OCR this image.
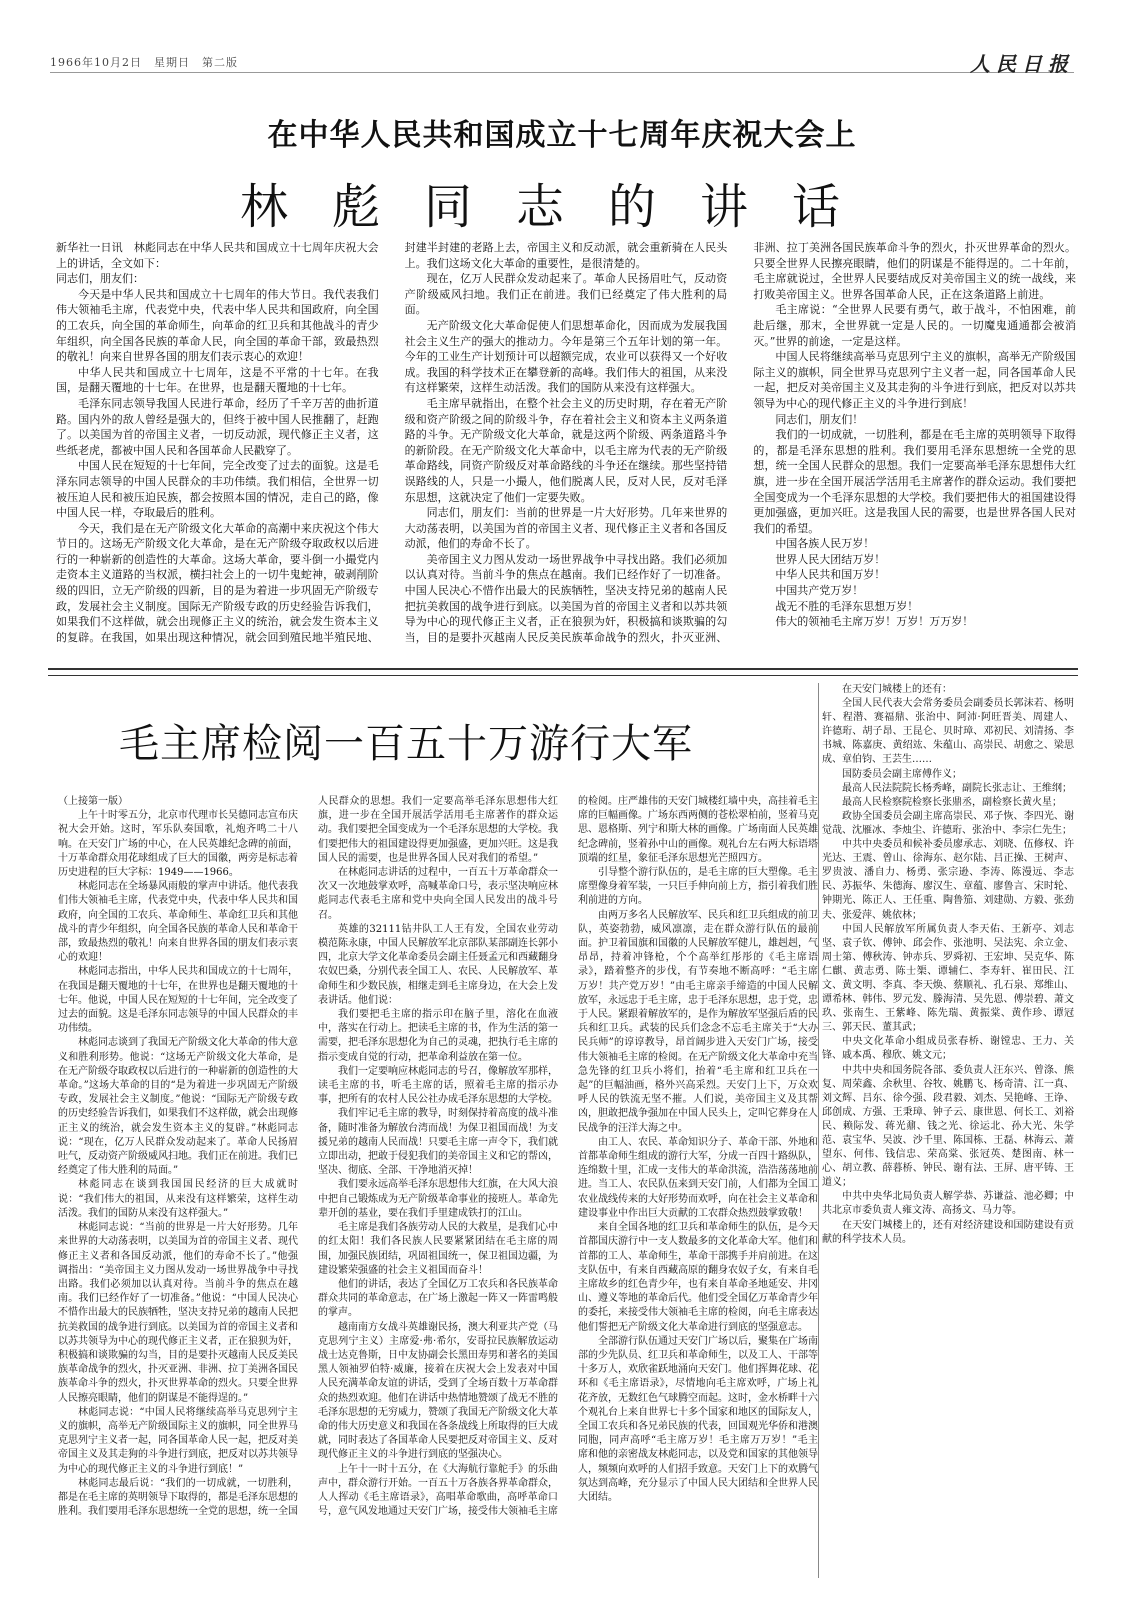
1966年10月2日　星期日　第二版	人民日报
在中华人民共和国成立十七周年庆祝大会上
林彪同志的讲话

新华社一日讯　林彪同志在中华人民共和国成立十七周年庆祝大会上的讲话，全文如下：

同志们，朋友们：

今天是中华人民共和国成立十七周年的伟大节日。我代表我们伟大领袖毛主席，代表党中央，代表中华人民共和国政府，向全国的工农兵，向全国的革命师生，向革命的红卫兵和其他战斗的青少年组织，向全国各民族的革命人民，向全国的革命干部，致最热烈的敬礼！向来自世界各国的朋友们表示衷心的欢迎！

中华人民共和国成立十七周年，这是不平常的十七年。在我国，是翻天覆地的十七年。在世界，也是翻天覆地的十七年。

毛泽东同志领导我国人民进行革命，经历了千辛万苦的曲折道路。国内外的敌人曾经是强大的，但终于被中国人民推翻了，赶跑了。以美国为首的帝国主义者，一切反动派，现代修正主义者，这些纸老虎，都被中国人民和各国革命人民戳穿了。

中国人民在短短的十七年间，完全改变了过去的面貌。这是毛泽东同志领导的中国人民群众的丰功伟绩。我们相信，全世界一切被压迫人民和被压迫民族，都会按照本国的情况，走自己的路，像中国人民一样，夺取最后的胜利。

今天，我们是在无产阶级文化大革命的高潮中来庆祝这个伟大节日的。这场无产阶级文化大革命，是在无产阶级夺取政权以后进行的一种崭新的创造性的大革命。这场大革命，要斗倒一小撮党内走资本主义道路的当权派，横扫社会上的一切牛鬼蛇神，破剥削阶级的四旧，立无产阶级的四新，目的是为着进一步巩固无产阶级专政，发展社会主义制度。国际无产阶级专政的历史经验告诉我们，如果我们不这样做，就会出现修正主义的统治，就会发生资本主义的复辟。在我国，如果出现这种情况，就会回到殖民地半殖民地、封建半封建的老路上去，帝国主义和反动派，就会重新骑在人民头上。我们这场文化大革命的重要性，是很清楚的。

现在，亿万人民群众发动起来了。革命人民扬眉吐气，反动资产阶级威风扫地。我们正在前进。我们已经奠定了伟大胜利的局面。

无产阶级文化大革命促使人们思想革命化，因而成为发展我国社会主义生产的强大的推动力。今年是第三个五年计划的第一年。今年的工业生产计划预计可以超额完成，农业可以获得又一个好收成。我国的科学技术正在攀登新的高峰。我们伟大的祖国，从来没有这样繁荣，这样生动活泼。我们的国防从来没有这样强大。

毛主席早就指出，在整个社会主义的历史时期，存在着无产阶级和资产阶级之间的阶级斗争，存在着社会主义和资本主义两条道路的斗争。无产阶级文化大革命，就是这两个阶级、两条道路斗争的新阶段。在无产阶级文化大革命中，以毛主席为代表的无产阶级革命路线，同资产阶级反对革命路线的斗争还在继续。那些坚持错误路线的人，只是一小撮人，他们脱离人民，反对人民，反对毛泽东思想，这就决定了他们一定要失败。

同志们，朋友们：当前的世界是一片大好形势。几年来世界的大动荡表明，以美国为首的帝国主义者、现代修正主义者和各国反动派，他们的寿命不长了。

美帝国主义力图从发动一场世界战争中寻找出路。我们必须加以认真对待。当前斗争的焦点在越南。我们已经作好了一切准备。中国人民决心不惜作出最大的民族牺牲，坚决支持兄弟的越南人民把抗美救国的战争进行到底。以美国为首的帝国主义者和以苏共领导为中心的现代修正主义者，正在狼狈为奸，积极搞和谈欺骗的勾当，目的是要扑灭越南人民反美民族革命战争的烈火，扑灭亚洲、非洲、拉丁美洲各国民族革命斗争的烈火，扑灭世界革命的烈火。只要全世界人民擦亮眼睛，他们的阴谋是不能得逞的。二十年前，毛主席就说过，全世界人民要结成反对美帝国主义的统一战线，来打败美帝国主义。世界各国革命人民，正在这条道路上前进。

毛主席说：“全世界人民要有勇气，敢于战斗，不怕困难，前赴后继，那末，全世界就一定是人民的。一切魔鬼通通都会被消灭。”世界的前途，一定是这样。

中国人民将继续高举马克思列宁主义的旗帜，高举无产阶级国际主义的旗帜，同全世界马克思列宁主义者一起，同各国革命人民一起，把反对美帝国主义及其走狗的斗争进行到底，把反对以苏共领导为中心的现代修正主义的斗争进行到底！

同志们，朋友们！

我们的一切成就，一切胜利，都是在毛主席的英明领导下取得的，都是毛泽东思想的胜利。我们要用毛泽东思想统一全党的思想，统一全国人民群众的思想。我们一定要高举毛泽东思想伟大红旗，进一步在全国开展活学活用毛主席著作的群众运动。我们要把全国变成为一个毛泽东思想的大学校。我们要把伟大的祖国建设得更加强盛，更加兴旺。这是我国人民的需要，也是世界各国人民对我们的希望。

中国各族人民万岁！

世界人民大团结万岁！

中华人民共和国万岁！

中国共产党万岁！

战无不胜的毛泽东思想万岁！

伟大的领袖毛主席万岁！万岁！万万岁！

毛主席检阅一百五十万游行大军

（上接第一版）

上午十时零五分，北京市代理市长吴德同志宣布庆祝大会开始。这时，军乐队奏国歌，礼炮齐鸣二十八响。在天安门广场的中心，在人民英雄纪念碑的前面，十万革命群众用花球组成了巨大的国徽，两旁是标志着历史进程的巨大字标：1949——1966。

林彪同志在全场暴风雨般的掌声中讲话。他代表我们伟大领袖毛主席，代表党中央，代表中华人民共和国政府，向全国的工农兵、革命师生、革命红卫兵和其他战斗的青少年组织，向全国各民族的革命人民和革命干部，致最热烈的敬礼！向来自世界各国的朋友们表示衷心的欢迎！

林彪同志指出，中华人民共和国成立的十七周年，在我国是翻天覆地的十七年，在世界也是翻天覆地的十七年。他说，中国人民在短短的十七年间，完全改变了过去的面貌。这是毛泽东同志领导的中国人民群众的丰功伟绩。

林彪同志谈到了我国无产阶级文化大革命的伟大意义和胜利形势。他说：“这场无产阶级文化大革命，是在无产阶级夺取政权以后进行的一种崭新的创造性的大革命。”这场大革命的目的“是为着进一步巩固无产阶级专政，发展社会主义制度。”他说：“国际无产阶级专政的历史经验告诉我们，如果我们不这样做，就会出现修正主义的统治，就会发生资本主义的复辟。”林彪同志说：“现在，亿万人民群众发动起来了。革命人民扬眉吐气，反动资产阶级威风扫地。我们正在前进。我们已经奠定了伟大胜利的局面。”

林彪同志在谈到我国国民经济的巨大成就时说：“我们伟大的祖国，从来没有这样繁荣，这样生动活泼。我们的国防从来没有这样强大。”

林彪同志说：“当前的世界是一片大好形势。几年来世界的大动荡表明，以美国为首的帝国主义者、现代修正主义者和各国反动派，他们的寿命不长了。”他强调指出：“美帝国主义力图从发动一场世界战争中寻找出路。我们必须加以认真对待。当前斗争的焦点在越南。我们已经作好了一切准备。”他说：“中国人民决心不惜作出最大的民族牺牲，坚决支持兄弟的越南人民把抗美救国的战争进行到底。以美国为首的帝国主义者和以苏共领导为中心的现代修正主义者，正在狼狈为奸，积极搞和谈欺骗的勾当，目的是要扑灭越南人民反美民族革命战争的烈火，扑灭亚洲、非洲、拉丁美洲各国民族革命斗争的烈火，扑灭世界革命的烈火。只要全世界人民擦亮眼睛，他们的阴谋是不能得逞的。”

林彪同志说：“中国人民将继续高举马克思列宁主义的旗帜，高举无产阶级国际主义的旗帜，同全世界马克思列宁主义者一起，同各国革命人民一起，把反对美帝国主义及其走狗的斗争进行到底，把反对以苏共领导为中心的现代修正主义的斗争进行到底！”

林彪同志最后说：“我们的一切成就，一切胜利，都是在毛主席的英明领导下取得的，都是毛泽东思想的胜利。我们要用毛泽东思想统一全党的思想，统一全国人民群众的思想。我们一定要高举毛泽东思想伟大红旗，进一步在全国开展活学活用毛主席著作的群众运动。我们要把全国变成为一个毛泽东思想的大学校。我们要把伟大的祖国建设得更加强盛，更加兴旺。这是我国人民的需要，也是世界各国人民对我们的希望。”

在林彪同志讲话的过程中，一百五十万革命群众一次又一次地鼓掌欢呼，高喊革命口号，表示坚决响应林彪同志代表毛主席和党中央向全国人民发出的战斗号召。

英雄的32111钻井队工人王有发，全国农业劳动模范陈永康，中国人民解放军北京部队某部副连长郭小四，北京大学文化革命委员会副主任聂孟元和西藏翻身农奴巴桑，分别代表全国工人、农民、人民解放军、革命师生和少数民族，相继走到毛主席身边，在大会上发表讲话。他们说：

我们要把毛主席的指示印在脑子里，溶化在血液中，落实在行动上。把读毛主席的书，作为生活的第一需要，把毛泽东思想化为自己的灵魂，把执行毛主席的指示变成自觉的行动，把革命利益放在第一位。

我们一定要响应林彪同志的号召，像解放军那样，读毛主席的书，听毛主席的话，照着毛主席的指示办事，把所有的农村人民公社办成毛泽东思想的大学校。

我们牢记毛主席的教导，时刻保持着高度的战斗准备，随时准备为解放台湾而战！为保卫祖国而战！为支援兄弟的越南人民而战！只要毛主席一声令下，我们就立即出动，把敢于侵犯我们的美帝国主义和它的帮凶，坚决、彻底、全部、干净地消灭掉！

我们要永远高举毛泽东思想伟大红旗，在大风大浪中把自己锻炼成为无产阶级革命事业的接班人。革命先辈开创的基业，要在我们手里建成铁打的江山。

毛主席是我们各族劳动人民的大救星，是我们心中的红太阳！我们各民族人民要紧紧团结在毛主席的周围，加强民族团结，巩固祖国统一，保卫祖国边疆，为建设繁荣强盛的社会主义祖国而奋斗！

他们的讲话，表达了全国亿万工农兵和各民族革命群众共同的革命意志，在广场上激起一阵又一阵雷鸣般的掌声。

越南南方女战斗英雄谢民扬，澳大利亚共产党（马克思列宁主义）主席爱·弗·希尔，安哥拉民族解放运动战士达克鲁斯，日中友协副会长黑田寿男和著名的美国黑人领袖罗伯特·威廉，接着在庆祝大会上发表对中国人民充满革命友谊的讲话，受到了全场百数十万革命群众的热烈欢迎。他们在讲话中热情地赞颂了战无不胜的毛泽东思想的无穷威力，赞颂了我国无产阶级文化大革命的伟大历史意义和我国在各条战线上所取得的巨大成就，同时表达了各国革命人民要把反对帝国主义、反对现代修正主义的斗争进行到底的坚强决心。

上午十一时十五分，在《大海航行靠舵手》的乐曲声中，群众游行开始。一百五十万各族各界革命群众，人人挥动《毛主席语录》，高唱革命歌曲，高呼革命口号，意气风发地通过天安门广场，接受伟大领袖毛主席的检阅。庄严雄伟的天安门城楼红墙中央，高挂着毛主席的巨幅画像。广场东西两侧的苍松翠柏前，竖着马克思、恩格斯、列宁和斯大林的画像。广场南面人民英雄纪念碑前，竖着孙中山的画像。观礼台左右两大标语塔顶端的红星，象征毛泽东思想光芒照四方。

引导整个游行队伍的，是毛主席的巨大塑像。毛主席塑像身着军装，一只巨手伸向前上方，指引着我们胜利前进的方向。

由两万多名人民解放军、民兵和红卫兵组成的前卫队，英姿勃勃，威风凛凛，走在群众游行队伍的最前面。护卫着国旗和国徽的人民解放军健儿，雄赳赳，气昂昂，持着冲锋枪，个个高举红彤彤的《毛主席语录》，踏着整齐的步伐，有节奏地不断高呼：“毛主席万岁！共产党万岁！”由毛主席亲手缔造的中国人民解放军，永远忠于毛主席，忠于毛泽东思想，忠于党，忠于人民。紧跟着解放军的，是作为解放军坚强后盾的民兵和红卫兵。武装的民兵们念念不忘毛主席关于“大办民兵师”的谆谆教导，昂首阔步进入天安门广场，接受伟大领袖毛主席的检阅。在无产阶级文化大革命中充当急先锋的红卫兵小将们，抬着“毛主席和红卫兵在一起”的巨幅油画，格外兴高采烈。天安门上下，万众欢呼人民的铁流无坚不摧。人们说，美帝国主义及其帮凶，胆敢把战争强加在中国人民头上，定叫它葬身在人民战争的汪洋大海之中。

由工人、农民、革命知识分子、革命干部、外地和首都革命师生组成的游行大军，分成一百四十路纵队，连绵数十里，汇成一支伟大的革命洪流，浩浩荡荡地前进。当工人、农民队伍来到天安门前，人们都为全国工农业战线传来的大好形势而欢呼，向在社会主义革命和建设事业中作出巨大贡献的工农群众热烈鼓掌致敬！

来自全国各地的红卫兵和革命师生的队伍，是今天首都国庆游行中一支人数最多的文化革命大军。他们和首都的工人、革命师生，革命干部携手并肩前进。在这支队伍中，有来自西藏高原的翻身农奴子女，有来自毛主席故乡的红色青少年，也有来自革命圣地延安、井冈山、遵义等地的革命后代。他们受全国亿万革命青少年的委托，来接受伟大领袖毛主席的检阅，向毛主席表达他们誓把无产阶级文化大革命进行到底的坚强意志。

全部游行队伍通过天安门广场以后，聚集在广场南部的少先队员、红卫兵和革命师生，以及工人、干部等十多万人，欢欣雀跃地涌向天安门。他们挥舞花球、花环和《毛主席语录》，尽情地向毛主席欢呼，广场上礼花齐放，无数红色气球腾空而起。这时，金水桥畔十六个观礼台上来自世界七十多个国家和地区的国际友人，全国工农兵和各兄弟民族的代表，回国观光华侨和港澳同胞，同声高呼“毛主席万岁！毛主席万万岁！”毛主席和他的亲密战友林彪同志，以及党和国家的其他领导人，频频向欢呼的人们招手致意。天安门上下的欢腾气氛达到高峰，充分显示了中国人民大团结和全世界人民大团结。

在天安门城楼上的还有：

全国人民代表大会常务委员会副委员长郭沫若、杨明轩、程潜、赛福鼎、张治中、阿沛·阿旺晋美、周建人、许德珩、胡子昂、王昆仑、贝时璋、邓初民、刘清扬、李书城、陈嘉庚、黄绍竑、朱蕴山、高崇民、胡愈之、梁思成、章伯钧、王芸生……

国防委员会副主席傅作义；

最高人民法院院长杨秀峰，副院长张志让、王维纲；

最高人民检察院检察长张鼎丞，副检察长黄火星；

政协全国委员会副主席高崇民、邓子恢、李四光、谢觉哉、沈雁冰、李烛尘、许德珩、张治中、李宗仁先生；

中共中央委员和候补委员廖承志、刘晓、伍修权、许光达、王震、曾山、徐海东、赵尔陆、吕正操、王树声、罗贵波、潘自力、杨勇、张宗逊、李涛、陈漫远、李志民、苏振华、朱德海、廖汉生、章蕴、廖鲁言、宋时轮、钟期光、陈正人、王任重、陶鲁笳、刘建勋、方毅、张劲夫、张爱萍、姚依林；

中国人民解放军所属负责人李天佑、王新亭、刘志坚、袁子钦、傅钟、邱会作、张池明、吴法宪、余立金、周士第、傅秋涛、钟赤兵、罗舜初、王宏坤、吴克华、陈仁麒、黄志勇、陈士榘、谭辅仁、李寿轩、崔田民、江文、黄文明、李真、李天焕、蔡顺礼、孔石泉、郑维山、谭希林、韩伟、罗元发、滕海清、吴先恩、傅崇碧、萧文玖、张南生、王紫峰、陈先瑞、黄振棠、黄作珍、谭冠三、郭天民、董其武；

中央文化革命小组成员张春桥、谢镗忠、王力、关锋、戚本禹、穆欣、姚文元；

中共中央和国务院各部、委负责人汪东兴、曾涤、熊复、周荣鑫、余秋里、谷牧、姚鹏飞、杨奇清、江一真、刘文辉、吕东、徐今强、段君毅、刘杰、吴艳峰、王诤、邱创成、方强、王秉璋、钟子云、康世恩、何长工、刘裕民、赖际发、蒋光鼐、钱之光、徐运北、孙大光、朱学范、袁宝华、吴波、沙千里、陈国栋、王磊、林海云、萧望东、何伟、钱信忠、荣高棠、张冠英、楚图南、林一心、胡立教、薛暮桥、钟民、谢有法、王屏、唐平铸、王道义；

中共中央华北局负责人解学恭、苏谦益、池必卿；中共北京市委负责人雍文涛、高扬文、马力等。

在天安门城楼上的，还有对经济建设和国防建设有贡献的科学技术人员。
